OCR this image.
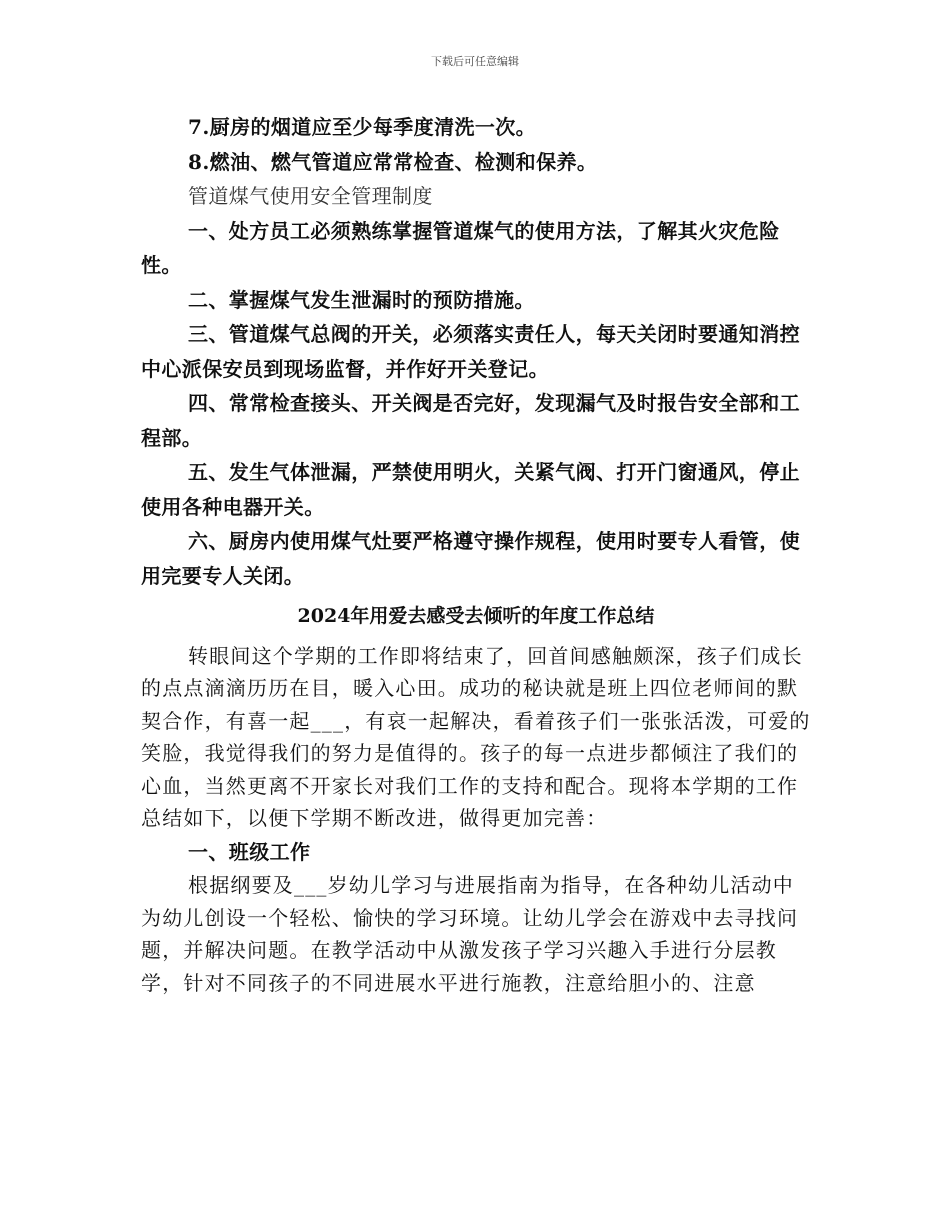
下载后可任意编辑

7.厨房的烟道应至少每季度清洗一次。

8.燃油、燃气管道应常常检查、检测和保养。

管道煤气使用安全管理制度

一、处方员工必须熟练掌握管道煤气的使用方法，了解其火灾危险性。

二、掌握煤气发生泄漏时的预防措施。

三、管道煤气总阀的开关，必须落实责任人，每天关闭时要通知消控中心派保安员到现场监督，并作好开关登记。

四、常常检查接头、开关阀是否完好，发现漏气及时报告安全部和工程部。

五、发生气体泄漏，严禁使用明火，关紧气阀、打开门窗通风，停止使用各种电器开关。

六、厨房内使用煤气灶要严格遵守操作规程，使用时要专人看管，使用完要专人关闭。

2024年用爱去感受去倾听的年度工作总结

转眼间这个学期的工作即将结束了，回首间感触颇深，孩子们成长的点点滴滴历历在目，暖入心田。成功的秘诀就是班上四位老师间的默契合作，有喜一起___，有哀一起解决，看着孩子们一张张活泼，可爱的笑脸，我觉得我们的努力是值得的。孩子的每一点进步都倾注了我们的心血，当然更离不开家长对我们工作的支持和配合。现将本学期的工作总结如下，以便下学期不断改进，做得更加完善：

一、班级工作

根据纲要及___岁幼儿学习与进展指南为指导，在各种幼儿活动中为幼儿创设一个轻松、愉快的学习环境。让幼儿学会在游戏中去寻找问题，并解决问题。在教学活动中从激发孩子学习兴趣入手进行分层教学，针对不同孩子的不同进展水平进行施教，注意给胆小的、注意
